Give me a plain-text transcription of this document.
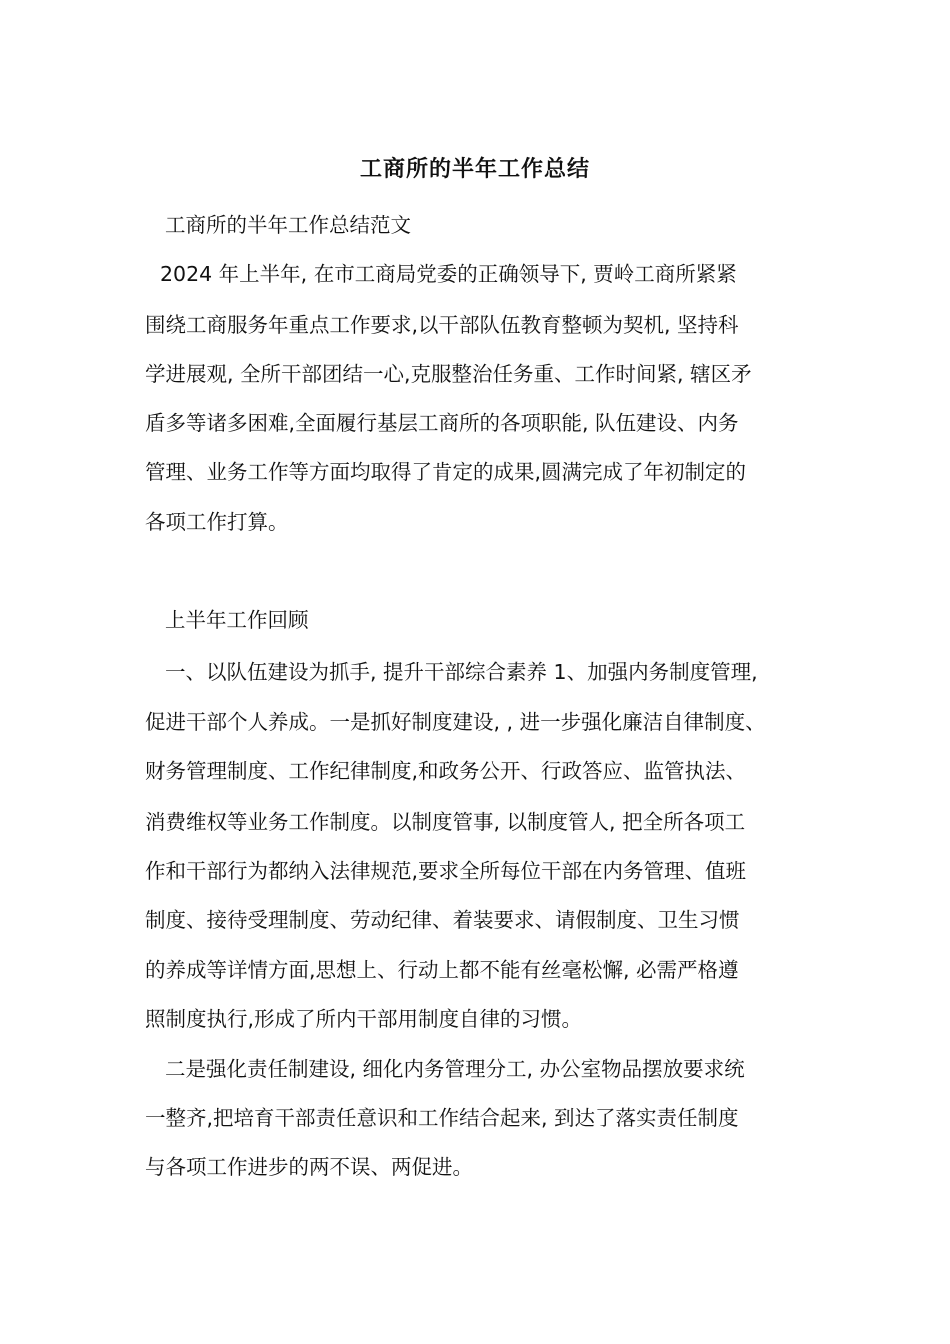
工商所的半年工作总结
工商所的半年工作总结范文
2024 年上半年, 在市工商局党委的正确领导下, 贾岭工商所紧紧
围绕工商服务年重点工作要求,以干部队伍教育整顿为契机, 坚持科
学进展观, 全所干部团结一心,克服整治任务重、工作时间紧, 辖区矛
盾多等诸多困难,全面履行基层工商所的各项职能, 队伍建设、内务
管理、业务工作等方面均取得了肯定的成果,圆满完成了年初制定的
各项工作打算。
上半年工作回顾
一、以队伍建设为抓手, 提升干部综合素养 1、加强内务制度管理,
促进干部个人养成。一是抓好制度建设, , 进一步强化廉洁自律制度、
财务管理制度、工作纪律制度,和政务公开、行政答应、监管执法、
消费维权等业务工作制度。以制度管事, 以制度管人, 把全所各项工
作和干部行为都纳入法律规范,要求全所每位干部在内务管理、值班
制度、接待受理制度、劳动纪律、着装要求、请假制度、卫生习惯
的养成等详情方面,思想上、行动上都不能有丝毫松懈, 必需严格遵
照制度执行,形成了所内干部用制度自律的习惯。
二是强化责任制建设, 细化内务管理分工, 办公室物品摆放要求统
一整齐,把培育干部责任意识和工作结合起来, 到达了落实责任制度
与各项工作进步的两不误、两促进。
